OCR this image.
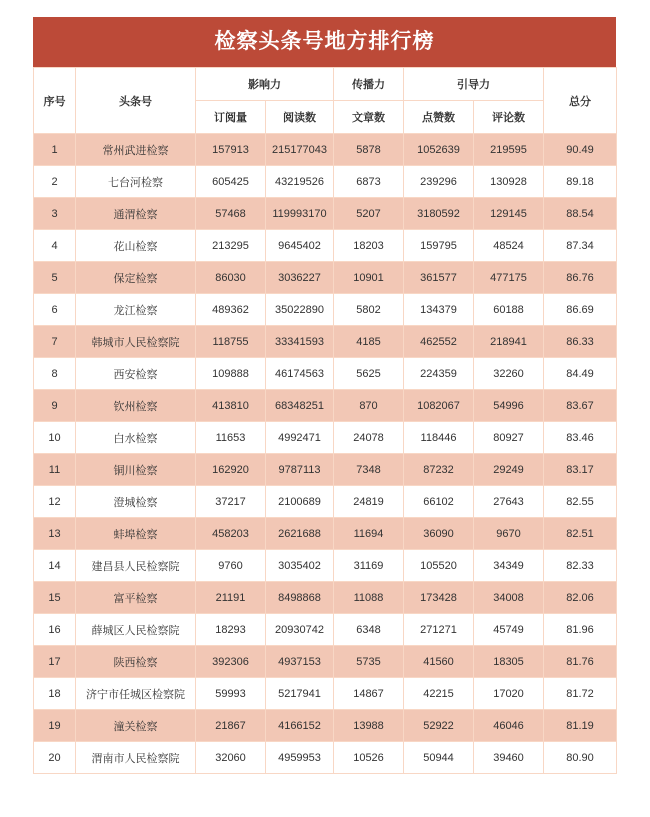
检察头条号地方排行榜
序号	头条号	影响力		传播力	引导力		总分
		订阅量	阅读数	文章数	点赞数	评论数	
1	常州武进检察	157913	215177043	5878	1052639	219595	90.49
2	七台河检察	605425	43219526	6873	239296	130928	89.18
3	通渭检察	57468	119993170	5207	3180592	129145	88.54
4	花山检察	213295	9645402	18203	159795	48524	87.34
5	保定检察	86030	3036227	10901	361577	477175	86.76
6	龙江检察	489362	35022890	5802	134379	60188	86.69
7	韩城市人民检察院	118755	33341593	4185	462552	218941	86.33
8	西安检察	109888	46174563	5625	224359	32260	84.49
9	钦州检察	413810	68348251	870	1082067	54996	83.67
10	白水检察	11653	4992471	24078	118446	80927	83.46
11	铜川检察	162920	9787113	7348	87232	29249	83.17
12	澄城检察	37217	2100689	24819	66102	27643	82.55
13	蚌埠检察	458203	2621688	11694	36090	9670	82.51
14	建昌县人民检察院	9760	3035402	31169	105520	34349	82.33
15	富平检察	21191	8498868	11088	173428	34008	82.06
16	薛城区人民检察院	18293	20930742	6348	271271	45749	81.96
17	陕西检察	392306	4937153	5735	41560	18305	81.76
18	济宁市任城区检察院	59993	5217941	14867	42215	17020	81.72
19	潼关检察	21867	4166152	13988	52922	46046	81.19
20	渭南市人民检察院	32060	4959953	10526	50944	39460	80.90
